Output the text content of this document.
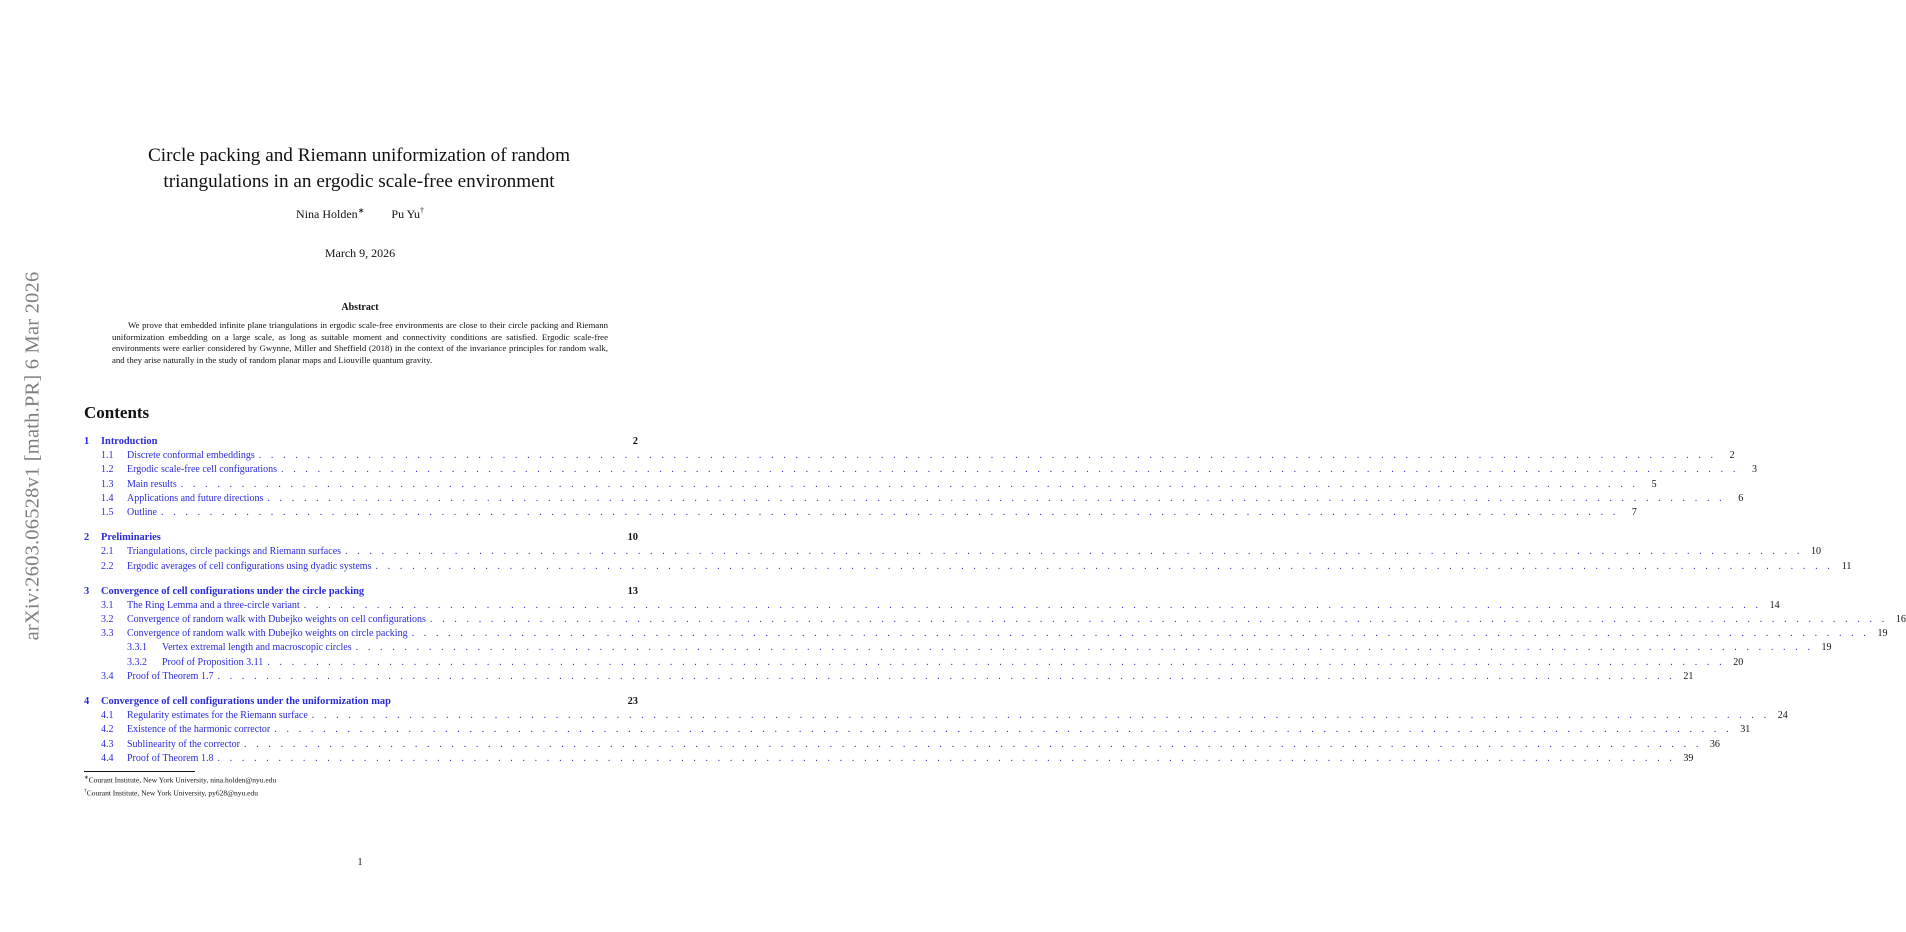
arXiv:2603.06528v1 [math.PR] 6 Mar 2026
Circle packing and Riemann uniformization of random
triangulations in an ergodic scale-free environment
Nina Holden∗ Pu Yu†
March 9, 2026
Abstract
We prove that embedded infinite plane triangulations in ergodic scale-free environments are close to their circle packing and Riemann uniformization embedding on a large scale, as long as suitable moment and connectivity conditions are satisfied. Ergodic scale-free environments were earlier considered by Gwynne, Miller and Sheffield (2018) in the context of the invariance principles for random walk, and they arise naturally in the study of random planar maps and Liouville quantum gravity.
Contents
1	Introduction	2
1.1	Discrete conformal embeddings . . . . . . . . . . . . . . . . . . . . . . . . . . . . . . . . . . . . . . . . . . . . . . . . . . . . . . . . . . . . . . . . . . . . . . . . . . . . . . . . . . . . . . . . . . . . . . . . . . . . . . . . . . . . . . . . . . . . . . . .	2
1.2	Ergodic scale-free cell configurations . . . . . . . . . . . . . . . . . . . . . . . . . . . . . . . . . . . . . . . . . . . . . . . . . . . . . . . . . . . . . . . . . . . . . . . . . . . . . . . . . . . . . . . . . . . . . . . . . . . . . . . . . . . . . . . . . . . . . . . .	3
1.3	Main results . . . . . . . . . . . . . . . . . . . . . . . . . . . . . . . . . . . . . . . . . . . . . . . . . . . . . . . . . . . . . . . . . . . . . . . . . . . . . . . . . . . . . . . . . . . . . . . . . . . . . . . . . . . . . . . . . . . . . . . .	5
1.4	Applications and future directions . . . . . . . . . . . . . . . . . . . . . . . . . . . . . . . . . . . . . . . . . . . . . . . . . . . . . . . . . . . . . . . . . . . . . . . . . . . . . . . . . . . . . . . . . . . . . . . . . . . . . . . . . . . . . . . . . . . . . . . .	6
1.5	Outline . . . . . . . . . . . . . . . . . . . . . . . . . . . . . . . . . . . . . . . . . . . . . . . . . . . . . . . . . . . . . . . . . . . . . . . . . . . . . . . . . . . . . . . . . . . . . . . . . . . . . . . . . . . . . . . . . . . . . . . .	7
2	Preliminaries	10
2.1	Triangulations, circle packings and Riemann surfaces . . . . . . . . . . . . . . . . . . . . . . . . . . . . . . . . . . . . . . . . . . . . . . . . . . . . . . . . . . . . . . . . . . . . . . . . . . . . . . . . . . . . . . . . . . . . . . . . . . . . . . . . . . . . . . . . . . . . . . . . 10
2.2	Ergodic averages of cell configurations using dyadic systems . . . . . . . . . . . . . . . . . . . . . . . . . . . . . . . . . . . . . . . . . . . . . . . . . . . . . . . . . . . . . . . . . . . . . . . . . . . . . . . . . . . . . . . . . . . . . . . . . . . . . . . . . . . . . . . . . . . . . . . . 11
3	Convergence of cell configurations under the circle packing	13
3.1	The Ring Lemma and a three-circle variant . . . . . . . . . . . . . . . . . . . . . . . . . . . . . . . . . . . . . . . . . . . . . . . . . . . . . . . . . . . . . . . . . . . . . . . . . . . . . . . . . . . . . . . . . . . . . . . . . . . . . . . . . . . . . . . . . . . . . . . . 14
3.2	Convergence of random walk with Dubejko weights on cell configurations . . . . . . . . . . . . . . . . . . . . . . . . . . . . . . . . . . . . . . . . . . . . . . . . . . . . . . . . . . . . . . . . . . . . . . . . . . . . . . . . . . . . . . . . . . . . . . . . . . . . . . . . . . . . . . . . . . . . . . . . 16
3.3	Convergence of random walk with Dubejko weights on circle packing . . . . . . . . . . . . . . . . . . . . . . . . . . . . . . . . . . . . . . . . . . . . . . . . . . . . . . . . . . . . . . . . . . . . . . . . . . . . . . . . . . . . . . . . . . . . . . . . . . . . . . . . . . . . . . . . . . . . . . . . 19
3.3.1	Vertex extremal length and macroscopic circles . . . . . . . . . . . . . . . . . . . . . . . . . . . . . . . . . . . . . . . . . . . . . . . . . . . . . . . . . . . . . . . . . . . . . . . . . . . . . . . . . . . . . . . . . . . . . . . . . . . . . . . . . . . . . . . . . . . . . . . . 19
3.3.2	Proof of Proposition 3.11 . . . . . . . . . . . . . . . . . . . . . . . . . . . . . . . . . . . . . . . . . . . . . . . . . . . . . . . . . . . . . . . . . . . . . . . . . . . . . . . . . . . . . . . . . . . . . . . . . . . . . . . . . . . . . . . . . . . . . . . . 20
3.4	Proof of Theorem 1.7 . . . . . . . . . . . . . . . . . . . . . . . . . . . . . . . . . . . . . . . . . . . . . . . . . . . . . . . . . . . . . . . . . . . . . . . . . . . . . . . . . . . . . . . . . . . . . . . . . . . . . . . . . . . . . . . . . . . . . . . . 21
4	Convergence of cell configurations under the uniformization map	23
4.1	Regularity estimates for the Riemann surface . . . . . . . . . . . . . . . . . . . . . . . . . . . . . . . . . . . . . . . . . . . . . . . . . . . . . . . . . . . . . . . . . . . . . . . . . . . . . . . . . . . . . . . . . . . . . . . . . . . . . . . . . . . . . . . . . . . . . . . . 24
4.2	Existence of the harmonic corrector . . . . . . . . . . . . . . . . . . . . . . . . . . . . . . . . . . . . . . . . . . . . . . . . . . . . . . . . . . . . . . . . . . . . . . . . . . . . . . . . . . . . . . . . . . . . . . . . . . . . . . . . . . . . . . . . . . . . . . . . 31
4.3	Sublinearity of the corrector . . . . . . . . . . . . . . . . . . . . . . . . . . . . . . . . . . . . . . . . . . . . . . . . . . . . . . . . . . . . . . . . . . . . . . . . . . . . . . . . . . . . . . . . . . . . . . . . . . . . . . . . . . . . . . . . . . . . . . . . 36
4.4	Proof of Theorem 1.8 . . . . . . . . . . . . . . . . . . . . . . . . . . . . . . . . . . . . . . . . . . . . . . . . . . . . . . . . . . . . . . . . . . . . . . . . . . . . . . . . . . . . . . . . . . . . . . . . . . . . . . . . . . . . . . . . . . . . . . . . 39
∗Courant Institute, New York University, nina.holden@nyu.edu
†Courant Institute, New York University, py628@nyu.edu
1
